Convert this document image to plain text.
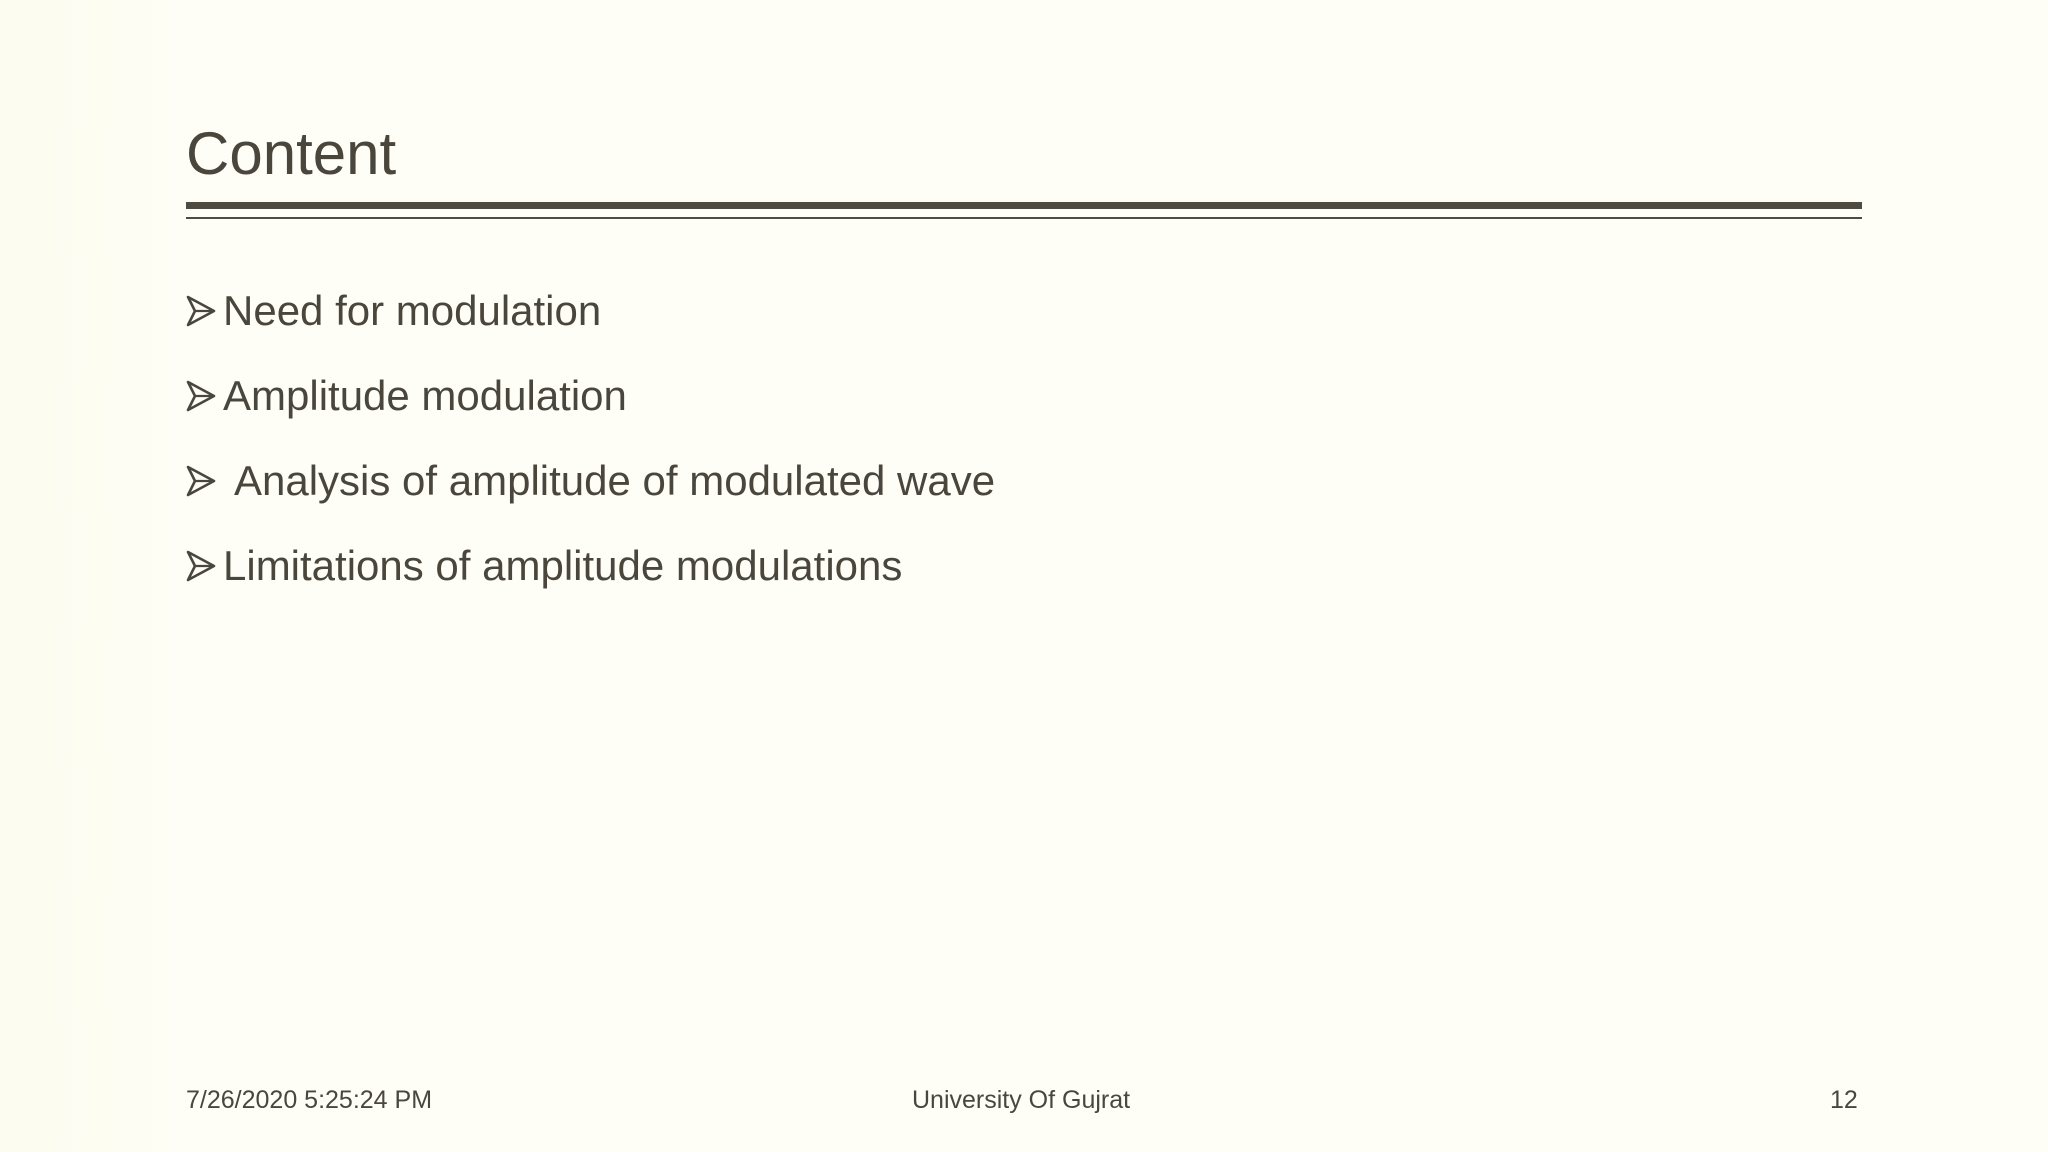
Content
Need for modulation
Amplitude modulation
Analysis of amplitude of modulated wave
Limitations of amplitude modulations
7/26/2020 5:25:24 PM	University Of Gujrat	12
